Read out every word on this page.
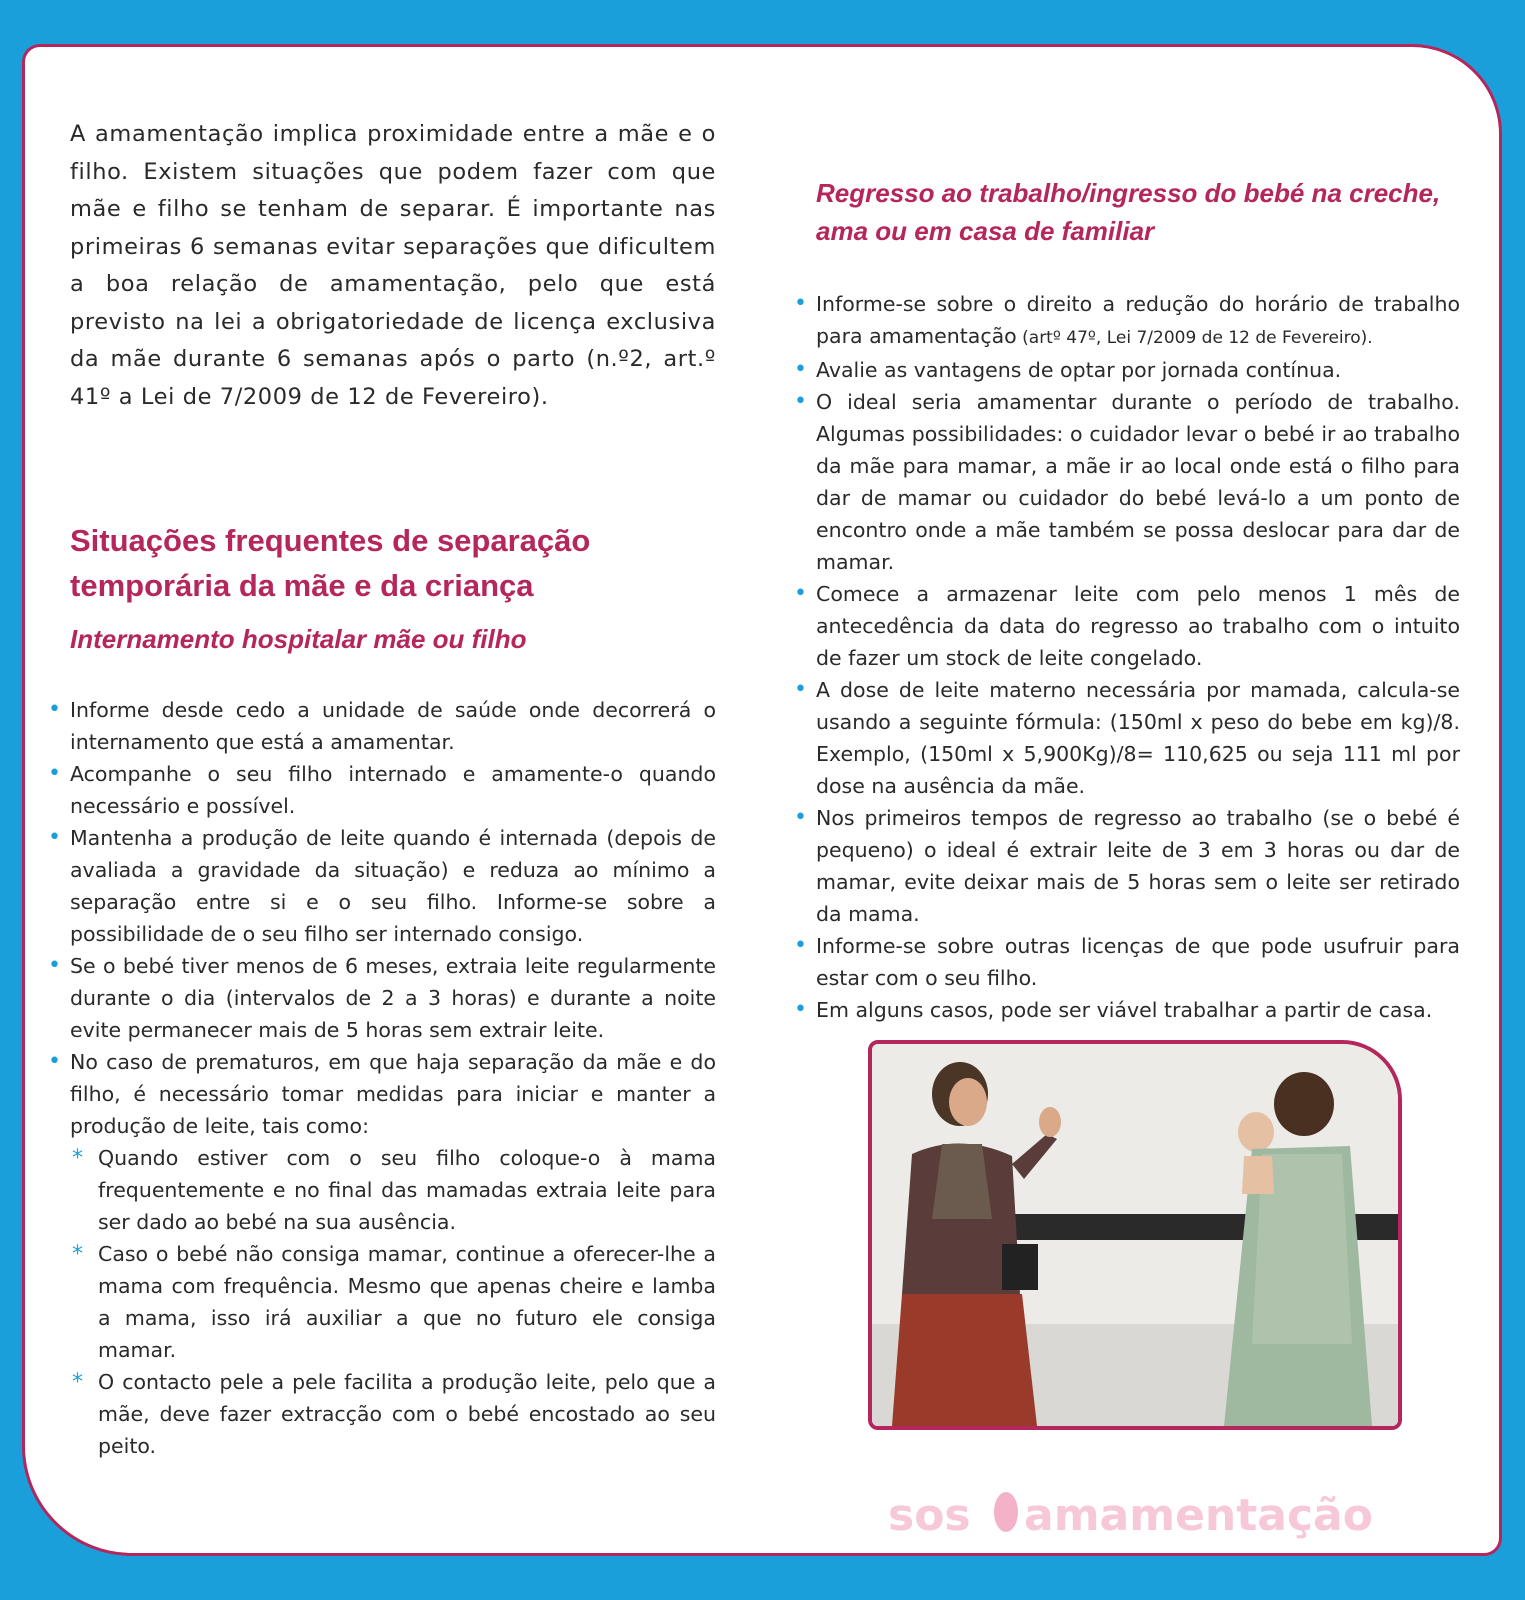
A amamentação implica proximidade entre a mãe e o filho. Existem situações que podem fazer com que mãe e filho se tenham de separar. É importante nas primeiras 6 semanas evitar separações que dificultem a boa relação de amamentação, pelo que está previsto na lei a obrigatoriedade de licença exclusiva da mãe durante 6 semanas após o parto (n.º2, art.º 41º a Lei de 7/2009 de 12 de Fevereiro).

Situações frequentes de separação
temporária da mãe e da criança
Internamento hospitalar mãe ou filho
• Informe desde cedo a unidade de saúde onde decorrerá o internamento que está a amamentar.
• Acompanhe o seu filho internado e amamente-o quando necessário e possível.
• Mantenha a produção de leite quando é internada (depois de avaliada a gravidade da situação) e reduza ao mínimo a separação entre si e o seu filho. Informe-se sobre a possibilidade de o seu filho ser internado consigo.
• Se o bebé tiver menos de 6 meses, extraia leite regularmente durante o dia (intervalos de 2 a 3 horas) e durante a noite evite permanecer mais de 5 horas sem extrair leite.
• No caso de prematuros, em que haja separação da mãe e do filho, é necessário tomar medidas para iniciar e manter a produção de leite, tais como:
* Quando estiver com o seu filho coloque-o à mama frequentemente e no final das mamadas extraia leite para ser dado ao bebé na sua ausência.
* Caso o bebé não consiga mamar, continue a oferecer-lhe a mama com frequência. Mesmo que apenas cheire e lamba a mama, isso irá auxiliar a que no futuro ele consiga mamar.
* O contacto pele a pele facilita a produção leite, pelo que a mãe, deve fazer extracção com o bebé encostado ao seu peito.
Regresso ao trabalho/ingresso do bebé na creche,
ama ou em casa de familiar
• Informe-se sobre o direito a redução do horário de trabalho para amamentação (artº 47º, Lei 7/2009 de 12 de Fevereiro).
• Avalie as vantagens de optar por jornada contínua.
• O ideal seria amamentar durante o período de trabalho. Algumas possibilidades: o cuidador levar o bebé ir ao trabalho da mãe para mamar, a mãe ir ao local onde está o filho para dar de mamar ou cuidador do bebé levá-lo a um ponto de encontro onde a mãe também se possa deslocar para dar de mamar.
• Comece a armazenar leite com pelo menos 1 mês de antecedência da data do regresso ao trabalho com o intuito de fazer um stock de leite congelado.
• A dose de leite materno necessária por mamada, calcula-se usando a seguinte fórmula: (150ml x peso do bebe em kg)/8. Exemplo, (150ml x 5,900Kg)/8= 110,625 ou seja 111 ml por dose na ausência da mãe.
• Nos primeiros tempos de regresso ao trabalho (se o bebé é pequeno) o ideal é extrair leite de 3 em 3 horas ou dar de mamar, evite deixar mais de 5 horas sem o leite ser retirado da mama.
• Informe-se sobre outras licenças de que pode usufruir para estar com o seu filho.
• Em alguns casos, pode ser viável trabalhar a partir de casa.
sos amamentação
